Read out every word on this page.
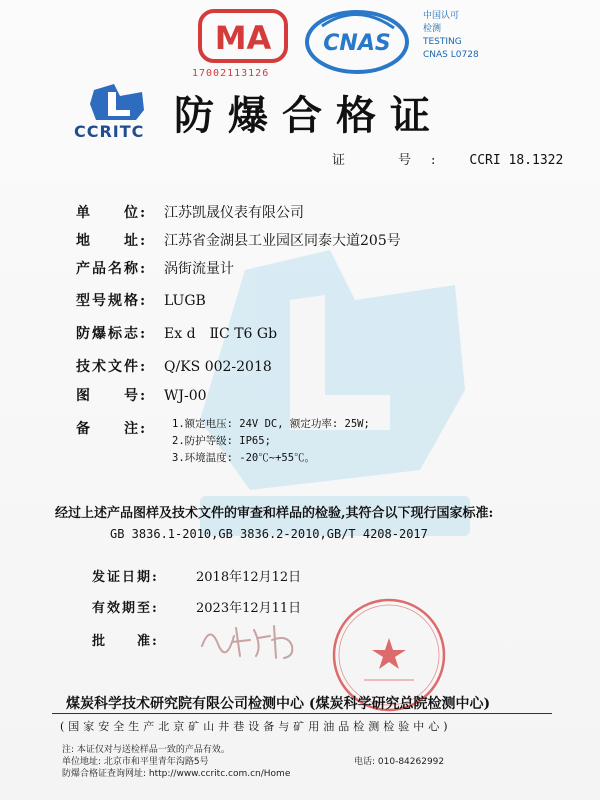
MA
17002113126
CNAS
中国认可
检测
TESTING
CNAS L0728
CCRITC 防爆合格证
证　号: CCRI 18.1322
单　　位: 江苏凯晟仪表有限公司
地　　址: 江苏省金湖县工业园区同泰大道205号
产品名称: 涡街流量计
型号规格: LUGB
防爆标志: Ex d　ⅡC T6 Gb
技术文件: Q/KS 002-2018
图　　号: WJ-00
备　　注:	1.额定电压: 24V DC, 额定功率: 25W;
2.防护等级: IP65;
3.环境温度: -20℃~+55℃。
经过上述产品图样及技术文件的审查和样品的检验,其符合以下现行国家标准:
GB 3836.1-2010,GB 3836.2-2010,GB/T 4208-2017
发证日期:	2018年12月12日
有效期至:	2023年12月11日
批　　准:
煤炭科学技术研究院有限公司检测中心 (煤炭科学研究总院检测中心)
(国家安全生产北京矿山井巷设备与矿用油品检测检验中心)
注: 本证仅对与送检样品一致的产品有效。
单位地址: 北京市和平里青年沟路5号
防爆合格证查询网址: http://www.ccritc.com.cn/Home
电话: 010-84262992
